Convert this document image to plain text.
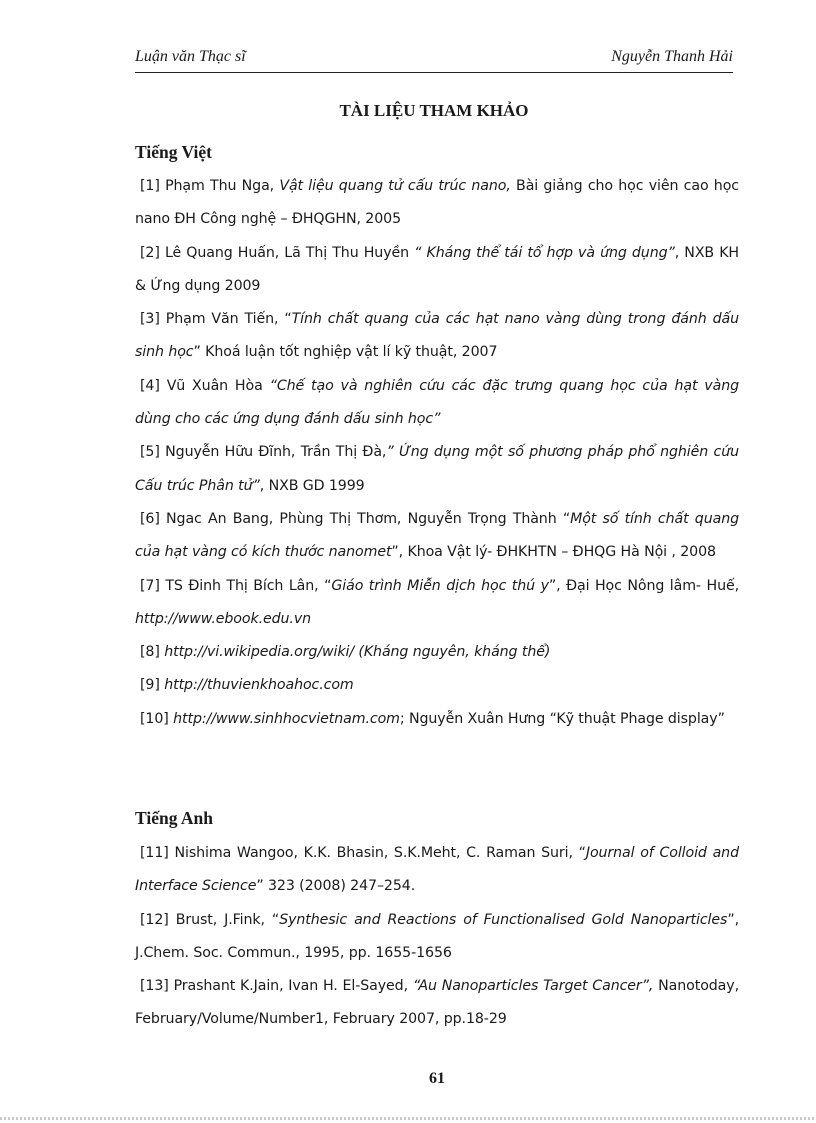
Luận văn Thạc sĩ	Nguyễn Thanh Hải
TÀI LIỆU THAM KHẢO
Tiếng Việt
[1] Phạm Thu Nga, Vật liệu quang tử cấu trúc nano, Bài giảng cho học viên cao học nano ĐH Công nghệ – ĐHQGHN, 2005
[2] Lê Quang Huấn, Lã Thị Thu Huyền “ Kháng thể tái tổ hợp và ứng dụng”, NXB KH & Ứng dụng 2009
[3] Phạm Văn Tiến, “Tính chất quang của các hạt nano vàng dùng trong đánh dấu sinh học” Khoá luận tốt nghiệp vật lí kỹ thuật, 2007
[4] Vũ Xuân Hòa “Chế tạo và nghiên cứu các đặc trưng quang học của hạt vàng dùng cho các ứng dụng đánh dấu sinh học”
[5] Nguyễn Hữu Đĩnh, Trần Thị Đà,” Ứng dụng một số phương pháp phổ nghiên cứu Cấu trúc Phân tử”, NXB GD 1999
[6] Ngac An Bang, Phùng Thị Thơm, Nguyễn Trọng Thành “Một số tính chất quang của hạt vàng có kích thước nanomet”, Khoa Vật lý- ĐHKHTN – ĐHQG Hà Nội , 2008
[7] TS Đinh Thị Bích Lân, “Giáo trình Miễn dịch học thú y”, Đại Học Nông lâm- Huế, http://www.ebook.edu.vn
[8] http://vi.wikipedia.org/wiki/ (Kháng nguyên, kháng thể)
[9] http://thuvienkhoahoc.com
[10] http://www.sinhhocvietnam.com; Nguyễn Xuân Hưng “Kỹ thuật Phage display”
Tiếng Anh
[11] Nishima Wangoo, K.K. Bhasin, S.K.Meht, C. Raman Suri, “Journal of Colloid and Interface Science” 323 (2008) 247–254.
[12] Brust, J.Fink, “Synthesic and Reactions of Functionalised Gold Nanoparticles”, J.Chem. Soc. Commun., 1995, pp. 1655-1656
[13] Prashant K.Jain, Ivan H. El-Sayed, “Au Nanoparticles Target Cancer”, Nanotoday, February/Volume/Number1, February 2007, pp.18-29
61
